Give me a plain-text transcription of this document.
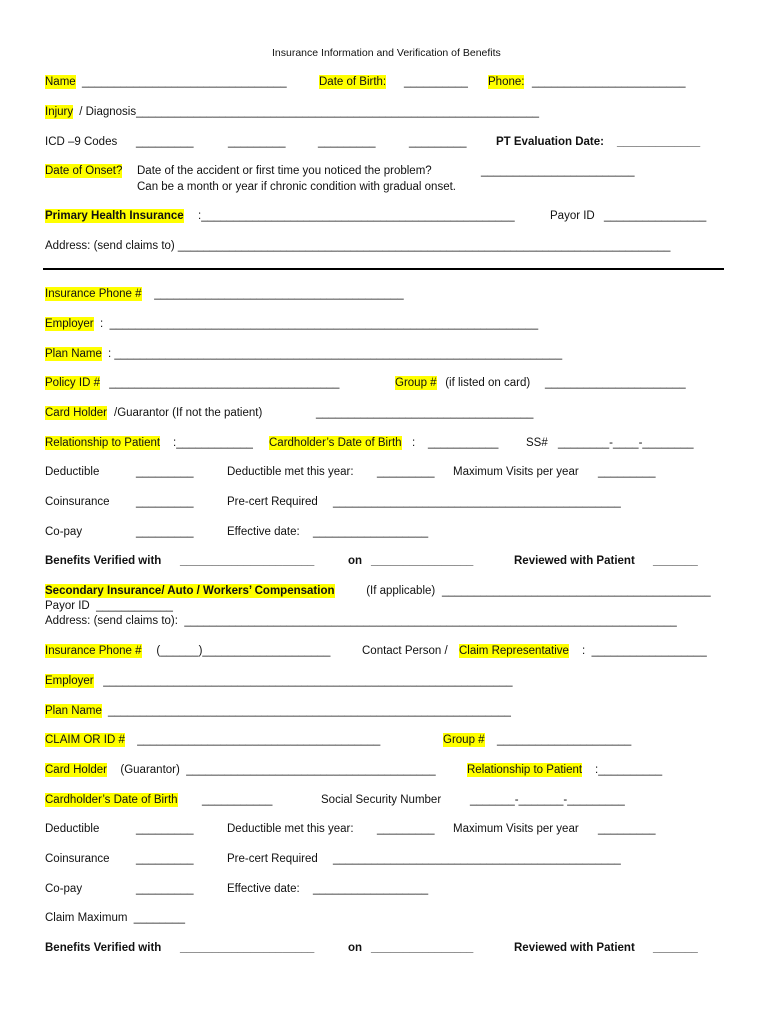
Insurance Information and Verification of Benefits
Name ________________________________	Date of Birth: __________ Phone: ________________________
Injury / Diagnosis_______________________________________________________________
ICD –9 Codes _________	_________	_________	_________	PT Evaluation Date: _____________
Date of Onset? Date of the accident or first time you noticed the problem?	________________________
Can be a month or year if chronic condition with gradual onset.
Primary Health Insurance :_________________________________________________	Payor ID ________________
Address: (send claims to) _____________________________________________________________________________
Insurance Phone # _______________________________________
Employer :  ___________________________________________________________________
Plan Name : ______________________________________________________________________
Policy ID # ____________________________________	Group # (if listed on card) ______________________
Card Holder /Guarantor (If not the patient)	__________________________________
Relationship to Patient :____________ Cardholder’s Date of Birth : ___________ SS# ________-____-________
Deductible	_________	Deductible met this year: _________ Maximum Visits per year _________
Coinsurance _________	Pre-cert Required _____________________________________________
Co-pay	_________	Effective date: __________________
Benefits Verified with _____________________	on ________________	Reviewed with Patient _______
Secondary Insurance/ Auto / Workers’ Compensation (If applicable) __________________________________________
Payor ID  ____________
Address: (send claims to):  _____________________________________________________________________________
Insurance Phone # (______)____________________	Contact Person / Claim Representative :  __________________
Employer ________________________________________________________________
Plan Name _______________________________________________________________
CLAIM OR ID # ______________________________________	Group # _____________________
Card Holder (Guarantor)  _______________________________________	Relationship to Patient :__________
Cardholder’s Date of Birth ___________	Social Security Number	_______-_______-_________
Deductible	_________	Deductible met this year: _________ Maximum Visits per year _________
Coinsurance _________	Pre-cert Required _____________________________________________
Co-pay	_________	Effective date: __________________
Claim Maximum  ________
Benefits Verified with _____________________	on ________________	Reviewed with Patient _______
